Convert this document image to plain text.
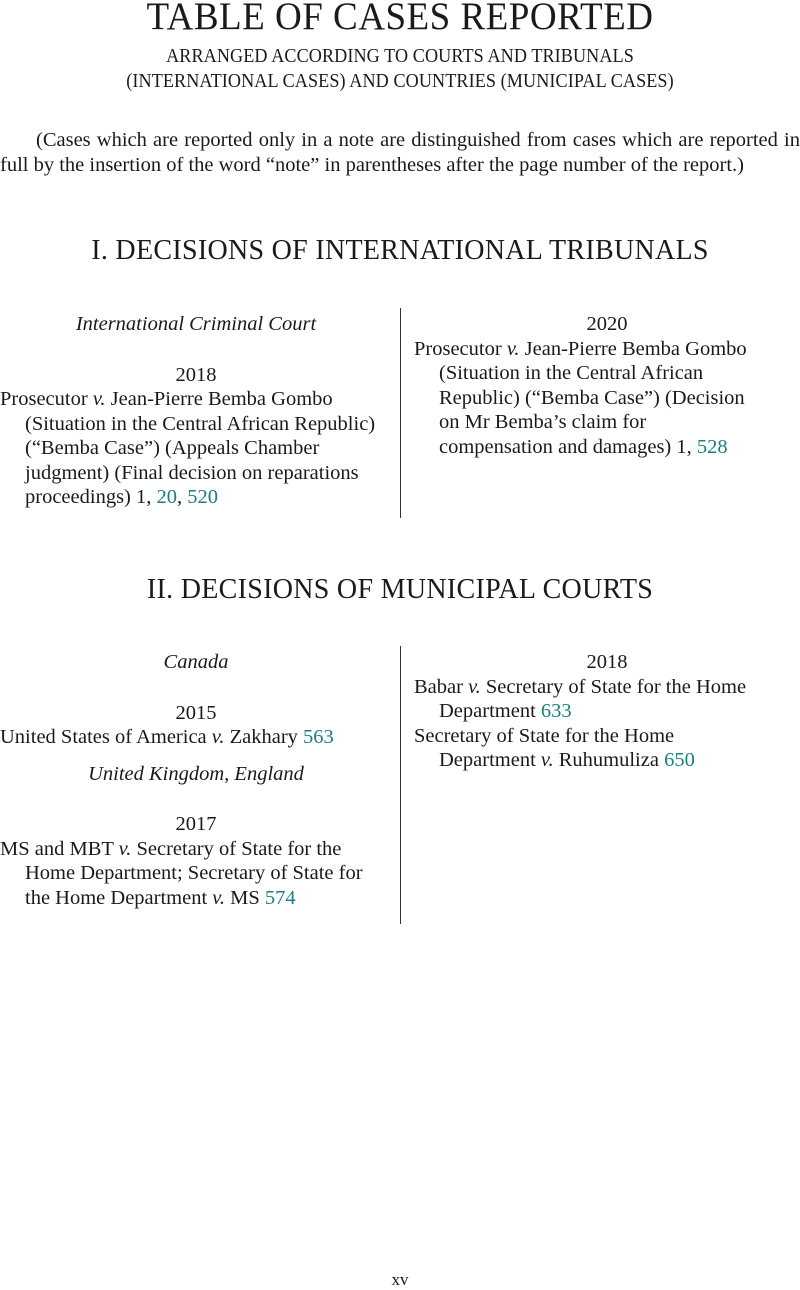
TABLE OF CASES REPORTED
ARRANGED ACCORDING TO COURTS AND TRIBUNALS
(INTERNATIONAL CASES) AND COUNTRIES (MUNICIPAL CASES)

(Cases which are reported only in a note are distinguished from cases which are reported in full by the insertion of the word “note” in parentheses after the page number of the report.)

I. DECISIONS OF INTERNATIONAL TRIBUNALS
International Criminal Court
2018

Prosecutor v. Jean-Pierre Bemba Gombo (Situation in the Central African Republic) (“Bemba Case”) (Appeals Chamber judgment) (Final decision on reparations proceedings) 1, 20, 520

2020

Prosecutor v. Jean-Pierre Bemba Gombo (Situation in the Central African Republic) (“Bemba Case”) (Decision on Mr Bemba’s claim for compensation and damages) 1, 528

II. DECISIONS OF MUNICIPAL COURTS
Canada
2015

United States of America v. Zakhary 563

United Kingdom, England
2017

MS and MBT v. Secretary of State for the Home Department; Secretary of State for the Home Department v. MS 574

2018

Babar v. Secretary of State for the Home Department 633

Secretary of State for the Home Department v. Ruhumuliza 650

xv
